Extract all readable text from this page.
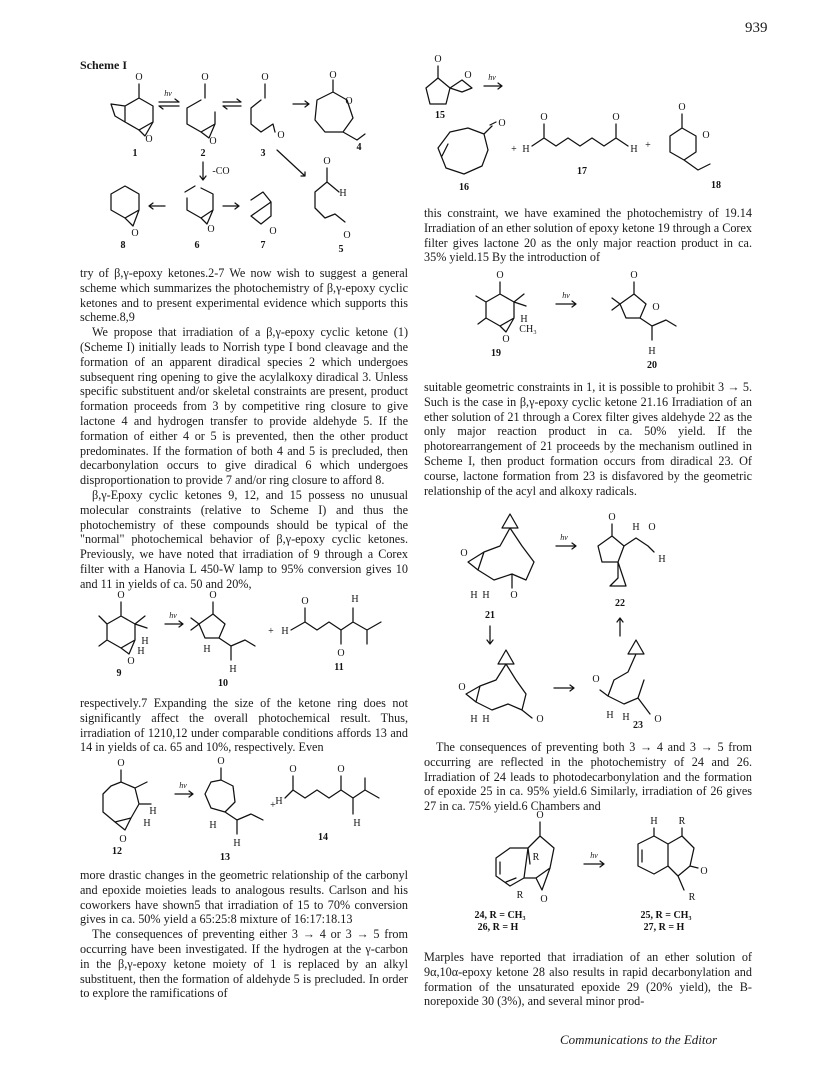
939
Scheme I
O
O
1
hν
O
O
2
O
O
3
O
O
4
-CO
O
8
O
6
O
7
O
H
O
5

try of β,γ-epoxy ketones.2-7 We now wish to suggest a general scheme which summarizes the photochemistry of β,γ-epoxy cyclic ketones and to present experimental evidence which supports this scheme.8,9

We propose that irradiation of a β,γ-epoxy cyclic ketone (1) (Scheme I) initially leads to Norrish type I bond cleavage and the formation of an apparent diradical species 2 which undergoes subsequent ring opening to give the acylalkoxy diradical 3. Unless specific substituent and/or skeletal constraints are present, product formation proceeds from 3 by competitive ring closure to give lactone 4 and hydrogen transfer to provide aldehyde 5. If the formation of either 4 or 5 is prevented, then the other product predominates. If the formation of both 4 and 5 is precluded, then decarbonylation occurs to give diradical 6 which undergoes disproportionation to provide 7 and/or ring closure to afford 8.

β,γ-Epoxy cyclic ketones 9, 12, and 15 possess no unusual molecular constraints (relative to Scheme I) and thus the photochemistry of these compounds should be typical of the "normal" photochemical behavior of β,γ-epoxy cyclic ketones. Previously, we have noted that irradiation of 9 through a Corex filter with a Hanovia L 450-W lamp to 95% conversion gives 10 and 11 in yields of ca. 50 and 20%,

O
H
H
O
9
hν
O
H
H
10
+
O	H
H
O
11

respectively.7 Expanding the size of the ketone ring does not significantly affect the overall photochemical result. Thus, irradiation of 1210,12 under comparable conditions affords 13 and 14 in yields of ca. 65 and 10%, respectively. Even

O
H
H
O
12
hν
O
H
H
13
+
O	O
H
H
14

more drastic changes in the geometric relationship of the carbonyl and epoxide moieties leads to analogous results. Carlson and his coworkers have shown5 that irradiation of 15 to 70% conversion gives in ca. 50% yield a 65:25:8 mixture of 16:17:18.13

The consequences of preventing either 3 → 4 or 3 → 5 from occurring have been investigated. If the hydrogen at the γ-carbon in the β,γ-epoxy ketone moiety of 1 is replaced by an alkyl substituent, then the formation of aldehyde 5 is precluded. In order to explore the ramifications of

O
O
15
hν
O
16
+
O	O
H	H
17
+
O
O
18

this constraint, we have examined the photochemistry of 19.14 Irradiation of an ether solution of epoxy ketone 19 through a Corex filter gives lactone 20 as the only major reaction product in ca. 35% yield.15 By the introduction of

O
H
CH₃
O
19
hν
O
O
H
20

suitable geometric constraints in 1, it is possible to prohibit 3 → 5. Such is the case in β,γ-epoxy cyclic ketone 21.16 Irradiation of an ether solution of 21 through a Corex filter gives aldehyde 22 as the only major reaction product in ca. 50% yield. If the photorearrangement of 21 proceeds by the mechanism outlined in Scheme I, then product formation occurs from diradical 23. Of course, lactone formation from 23 is disfavored by the geometric relationship of the acyl and alkoxy radicals.

O
H H O
21
hν
O
H O
H
22
O
H H	O
O
H H O
23

The consequences of preventing both 3 → 4 and 3 → 5 from occurring are reflected in the photochemistry of 24 and 26. Irradiation of 24 leads to photodecarbonylation and the formation of epoxide 25 in ca. 95% yield.6 Similarly, irradiation of 26 gives 27 in ca. 75% yield.6 Chambers and

O
R
R O
24, R = CH₃
26, R = H
hν
H R
O
R
25, R = CH₃
27, R = H

Marples have reported that irradiation of an ether solution of 9α,10α-epoxy ketone 28 also results in rapid decarbonylation and formation of the unsaturated epoxide 29 (20% yield), the B-norepoxide 30 (3%), and several minor prod-

Communications to the Editor
